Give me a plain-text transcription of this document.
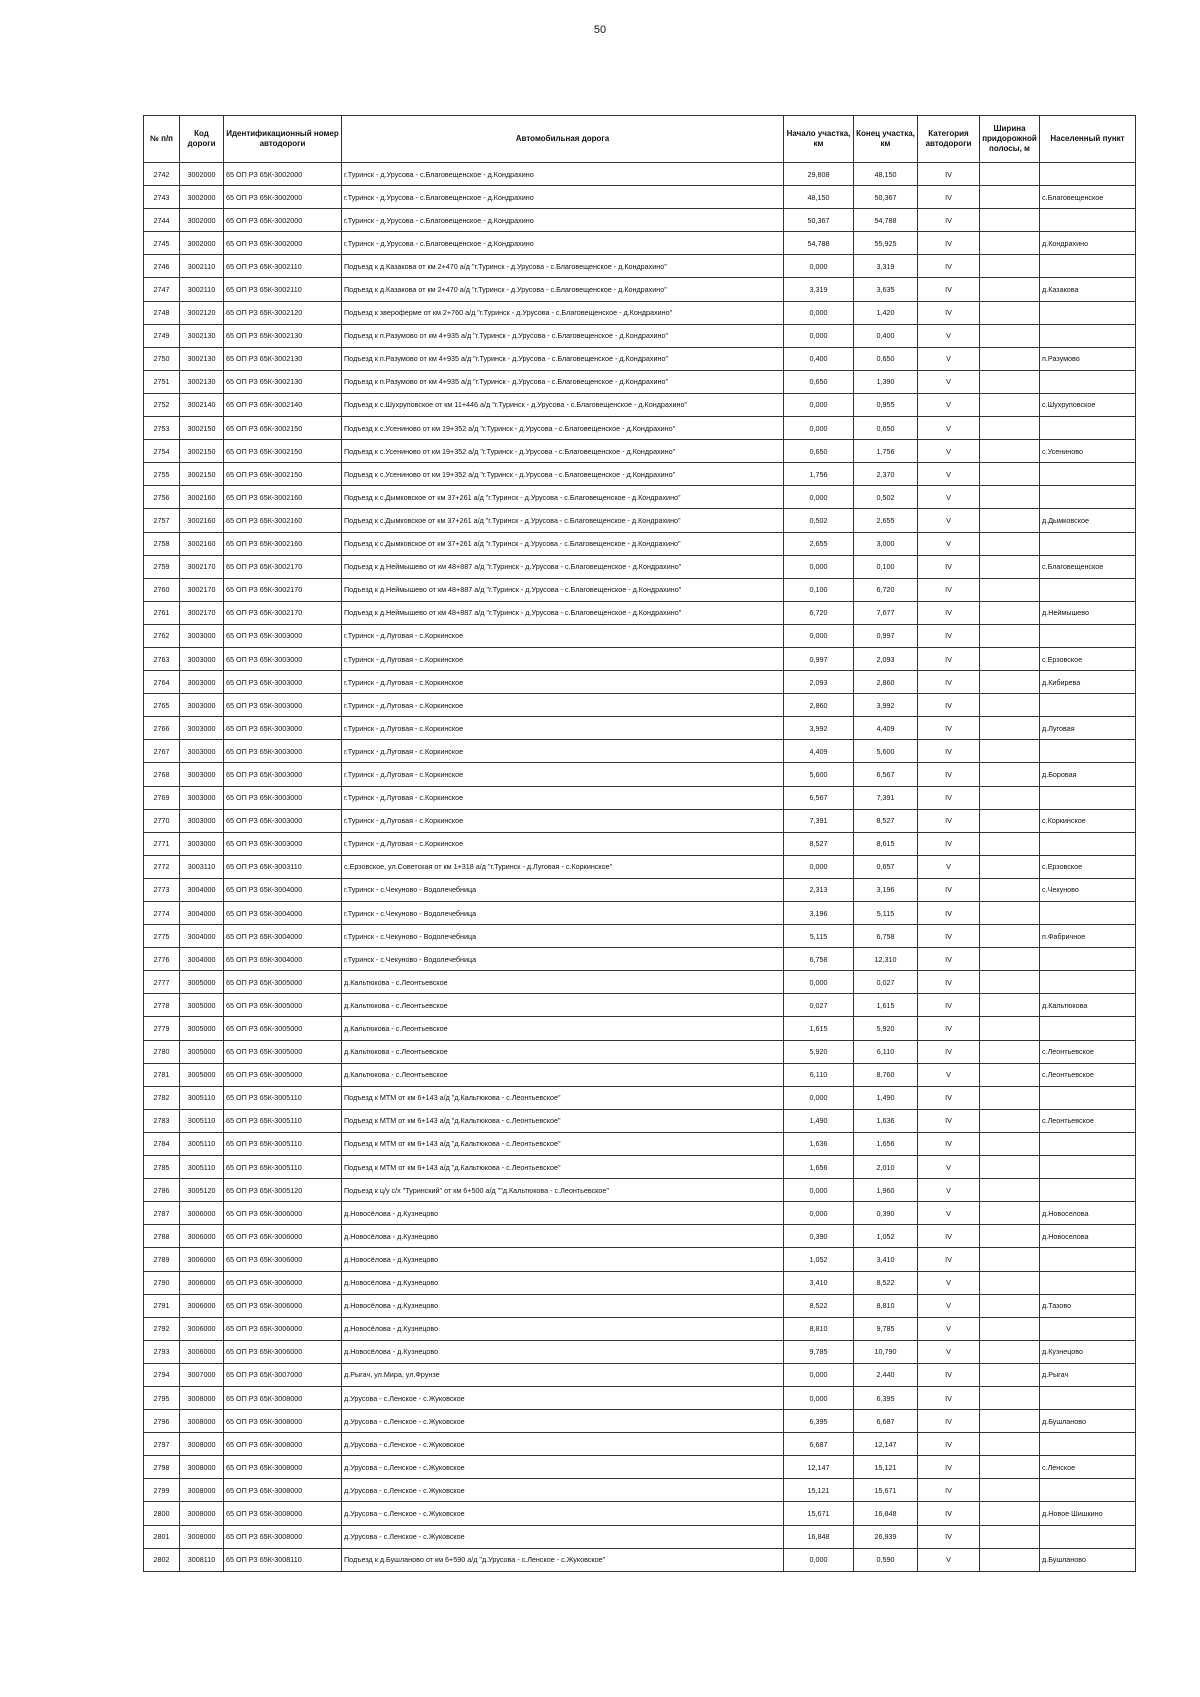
50
№ п/п	Код дороги	Идентификационный номер автодороги	Автомобильная дорога	Начало участка, км	Конец участка, км	Категория автодороги	Ширина придорожной полосы, м	Населенный пункт
2742	3002000	65 ОП РЗ 65К-3002000	г.Туринск - д.Урусова - с.Благовещенское - д.Кондрахино	29,808	48,150	IV		
2743	3002000	65 ОП РЗ 65К-3002000	г.Туринск - д.Урусова - с.Благовещенское - д.Кондрахино	48,150	50,367	IV		с.Благовещенское
2744	3002000	65 ОП РЗ 65К-3002000	г.Туринск - д.Урусова - с.Благовещенское - д.Кондрахино	50,367	54,788	IV		
2745	3002000	65 ОП РЗ 65К-3002000	г.Туринск - д.Урусова - с.Благовещенское - д.Кондрахино	54,788	55,925	IV		д.Кондрахино
2746	3002110	65 ОП РЗ 65К-3002110	Подъезд к д.Казакова от км 2+470 а/д "г.Туринск - д.Урусова - с.Благовещенское - д.Кондрахино"	0,000	3,319	IV		
2747	3002110	65 ОП РЗ 65К-3002110	Подъезд к д.Казакова от км 2+470 а/д "г.Туринск - д.Урусова - с.Благовещенское - д.Кондрахино"	3,319	3,635	IV		д.Казакова
2748	3002120	65 ОП РЗ 65К-3002120	Подъезд к звероферме от км 2+760 а/д "г.Туринск - д.Урусова - с.Благовещенское - д.Кондрахино"	0,000	1,420	IV		
2749	3002130	65 ОП РЗ 65К-3002130	Подъезд к п.Разумово от км 4+935 а/д "г.Туринск - д.Урусова - с.Благовещенское - д.Кондрахино"	0,000	0,400	V		
2750	3002130	65 ОП РЗ 65К-3002130	Подъезд к п.Разумово от км 4+935 а/д "г.Туринск - д.Урусова - с.Благовещенское - д.Кондрахино"	0,400	0,650	V		п.Разумово
2751	3002130	65 ОП РЗ 65К-3002130	Подъезд к п.Разумово от км 4+935 а/д "г.Туринск - д.Урусова - с.Благовещенское - д.Кондрахино"	0,650	1,390	V		
2752	3002140	65 ОП РЗ 65К-3002140	Подъезд к с.Шухруповское от км 11+446 а/д "г.Туринск - д.Урусова - с.Благовещенское - д.Кондрахино"	0,000	0,955	V		с.Шухруповское
2753	3002150	65 ОП РЗ 65К-3002150	Подъезд к с.Усениново от км 19+352 а/д "г.Туринск - д.Урусова - с.Благовещенское - д.Кондрахино"	0,000	0,650	V		
2754	3002150	65 ОП РЗ 65К-3002150	Подъезд к с.Усениново от км 19+352 а/д "г.Туринск - д.Урусова - с.Благовещенское - д.Кондрахино"	0,650	1,756	V		с.Усениново
2755	3002150	65 ОП РЗ 65К-3002150	Подъезд к с.Усениново от км 19+352 а/д "г.Туринск - д.Урусова - с.Благовещенское - д.Кондрахино"	1,756	2,370	V		
2756	3002160	65 ОП РЗ 65К-3002160	Подъезд к с.Дымковское от км 37+261 а/д "г.Туринск - д.Урусова - с.Благовещенское - д.Кондрахино"	0,000	0,502	V		
2757	3002160	65 ОП РЗ 65К-3002160	Подъезд к с.Дымковское от км 37+261 а/д "г.Туринск - д.Урусова - с.Благовещенское - д.Кондрахино"	0,502	2,655	V		д.Дымковское
2758	3002160	65 ОП РЗ 65К-3002160	Подъезд к с.Дымковское от км 37+261 а/д "г.Туринск - д.Урусова - с.Благовещенское - д.Кондрахино"	2,655	3,000	V		
2759	3002170	65 ОП РЗ 65К-3002170	Подъезд к д.Неймышево от км 48+887 а/д "г.Туринск - д.Урусова - с.Благовещенское - д.Кондрахино"	0,000	0,100	IV		с.Благовещенское
2760	3002170	65 ОП РЗ 65К-3002170	Подъезд к д.Неймышево от км 48+887 а/д "г.Туринск - д.Урусова - с.Благовещенское - д.Кондрахино"	0,100	6,720	IV		
2761	3002170	65 ОП РЗ 65К-3002170	Подъезд к д.Неймышево от км 48+887 а/д "г.Туринск - д.Урусова - с.Благовещенское - д.Кондрахино"	6,720	7,677	IV		д.Неймышево
2762	3003000	65 ОП РЗ 65К-3003000	г.Туринск - д.Луговая - с.Коркинское	0,000	0,997	IV		
2763	3003000	65 ОП РЗ 65К-3003000	г.Туринск - д.Луговая - с.Коркинское	0,997	2,093	IV		с.Ерзовское
2764	3003000	65 ОП РЗ 65К-3003000	г.Туринск - д.Луговая - с.Коркинское	2,093	2,860	IV		д.Кибирева
2765	3003000	65 ОП РЗ 65К-3003000	г.Туринск - д.Луговая - с.Коркинское	2,860	3,992	IV		
2766	3003000	65 ОП РЗ 65К-3003000	г.Туринск - д.Луговая - с.Коркинское	3,992	4,409	IV		д.Луговая
2767	3003000	65 ОП РЗ 65К-3003000	г.Туринск - д.Луговая - с.Коркинское	4,409	5,600	IV		
2768	3003000	65 ОП РЗ 65К-3003000	г.Туринск - д.Луговая - с.Коркинское	5,600	6,567	IV		д.Боровая
2769	3003000	65 ОП РЗ 65К-3003000	г.Туринск - д.Луговая - с.Коркинское	6,567	7,391	IV		
2770	3003000	65 ОП РЗ 65К-3003000	г.Туринск - д.Луговая - с.Коркинское	7,391	8,527	IV		с.Коркинское
2771	3003000	65 ОП РЗ 65К-3003000	г.Туринск - д.Луговая - с.Коркинское	8,527	8,615	IV		
2772	3003110	65 ОП РЗ 65К-3003110	с.Ерзовское, ул.Советская от км 1+318 а/д "г.Туринск - д.Луговая - с.Коркинское"	0,000	0,657	V		с.Ерзовское
2773	3004000	65 ОП РЗ 65К-3004000	г.Туринск - с.Чекуново - Водолечебница	2,313	3,196	IV		с.Чекуново
2774	3004000	65 ОП РЗ 65К-3004000	г.Туринск - с.Чекуново - Водолечебница	3,196	5,115	IV		
2775	3004000	65 ОП РЗ 65К-3004000	г.Туринск - с.Чекуново - Водолечебница	5,115	6,758	IV		п.Фабричное
2776	3004000	65 ОП РЗ 65К-3004000	г.Туринск - с.Чекуново - Водолечебница	6,758	12,310	IV		
2777	3005000	65 ОП РЗ 65К-3005000	д.Кальтюкова - с.Леонтьевское	0,000	0,027	IV		
2778	3005000	65 ОП РЗ 65К-3005000	д.Кальтюкова - с.Леонтьевское	0,027	1,615	IV		д.Кальтюкова
2779	3005000	65 ОП РЗ 65К-3005000	д.Кальтюкова - с.Леонтьевское	1,615	5,920	IV		
2780	3005000	65 ОП РЗ 65К-3005000	д.Кальтюкова - с.Леонтьевское	5,920	6,110	IV		с.Леонтьевское
2781	3005000	65 ОП РЗ 65К-3005000	д.Кальтюкова - с.Леонтьевское	6,110	8,760	V		с.Леонтьевское
2782	3005110	65 ОП РЗ 65К-3005110	Подъезд к МТМ от км 6+143 а/д "д.Кальтюкова - с.Леонтьевское"	0,000	1,490	IV		
2783	3005110	65 ОП РЗ 65К-3005110	Подъезд к МТМ от км 6+143 а/д "д.Кальтюкова - с.Леонтьевское"	1,490	1,636	IV		с.Леонтьевское
2784	3005110	65 ОП РЗ 65К-3005110	Подъезд к МТМ от км 6+143 а/д "д.Кальтюкова - с.Леонтьевское"	1,636	1,656	IV		
2785	3005110	65 ОП РЗ 65К-3005110	Подъезд к МТМ от км 6+143 а/д "д.Кальтюкова - с.Леонтьевское"	1,656	2,010	V		
2786	3005120	65 ОП РЗ 65К-3005120	Подъезд к ц/у с/х "Туринский" от км 6+500 а/д ""д.Кальтюкова - с.Леонтьевское"	0,000	1,960	V		
2787	3006000	65 ОП РЗ 65К-3006000	д.Новосёлова - д.Кузнецово	0,000	0,390	V		д.Новоселова
2788	3006000	65 ОП РЗ 65К-3006000	д.Новосёлова - д.Кузнецово	0,390	1,052	IV		д.Новоселова
2789	3006000	65 ОП РЗ 65К-3006000	д.Новосёлова - д.Кузнецово	1,052	3,410	IV		
2790	3006000	65 ОП РЗ 65К-3006000	д.Новосёлова - д.Кузнецово	3,410	8,522	V		
2791	3006000	65 ОП РЗ 65К-3006000	д.Новосёлова - д.Кузнецово	8,522	8,810	V		д.Тазово
2792	3006000	65 ОП РЗ 65К-3006000	д.Новосёлова - д.Кузнецово	8,810	9,785	V		
2793	3006000	65 ОП РЗ 65К-3006000	д.Новосёлова - д.Кузнецово	9,785	10,790	V		д.Кузнецово
2794	3007000	65 ОП РЗ 65К-3007000	д.Рыгач, ул.Мира, ул.Фрунзе	0,000	2,440	IV		д.Рыгач
2795	3008000	65 ОП РЗ 65К-3008000	д.Урусова - с.Ленское - с.Жуковское	0,000	6,395	IV		
2796	3008000	65 ОП РЗ 65К-3008000	д.Урусова - с.Ленское - с.Жуковское	6,395	6,687	IV		д.Бушланово
2797	3008000	65 ОП РЗ 65К-3008000	д.Урусова - с.Ленское - с.Жуковское	6,687	12,147	IV		
2798	3008000	65 ОП РЗ 65К-3008000	д.Урусова - с.Ленское - с.Жуковское	12,147	15,121	IV		с.Ленское
2799	3008000	65 ОП РЗ 65К-3008000	д.Урусова - с.Ленское - с.Жуковское	15,121	15,671	IV		
2800	3008000	65 ОП РЗ 65К-3008000	д.Урусова - с.Ленское - с.Жуковское	15,671	16,848	IV		д.Новое Шишкино
2801	3008000	65 ОП РЗ 65К-3008000	д.Урусова - с.Ленское - с.Жуковское	16,848	26,939	IV		
2802	3008110	65 ОП РЗ 65К-3008110	Подъезд к д.Бушланово от км 6+590 а/д "д.Урусова - с.Ленское - с.Жуковское"	0,000	0,590	V		д.Бушланово
